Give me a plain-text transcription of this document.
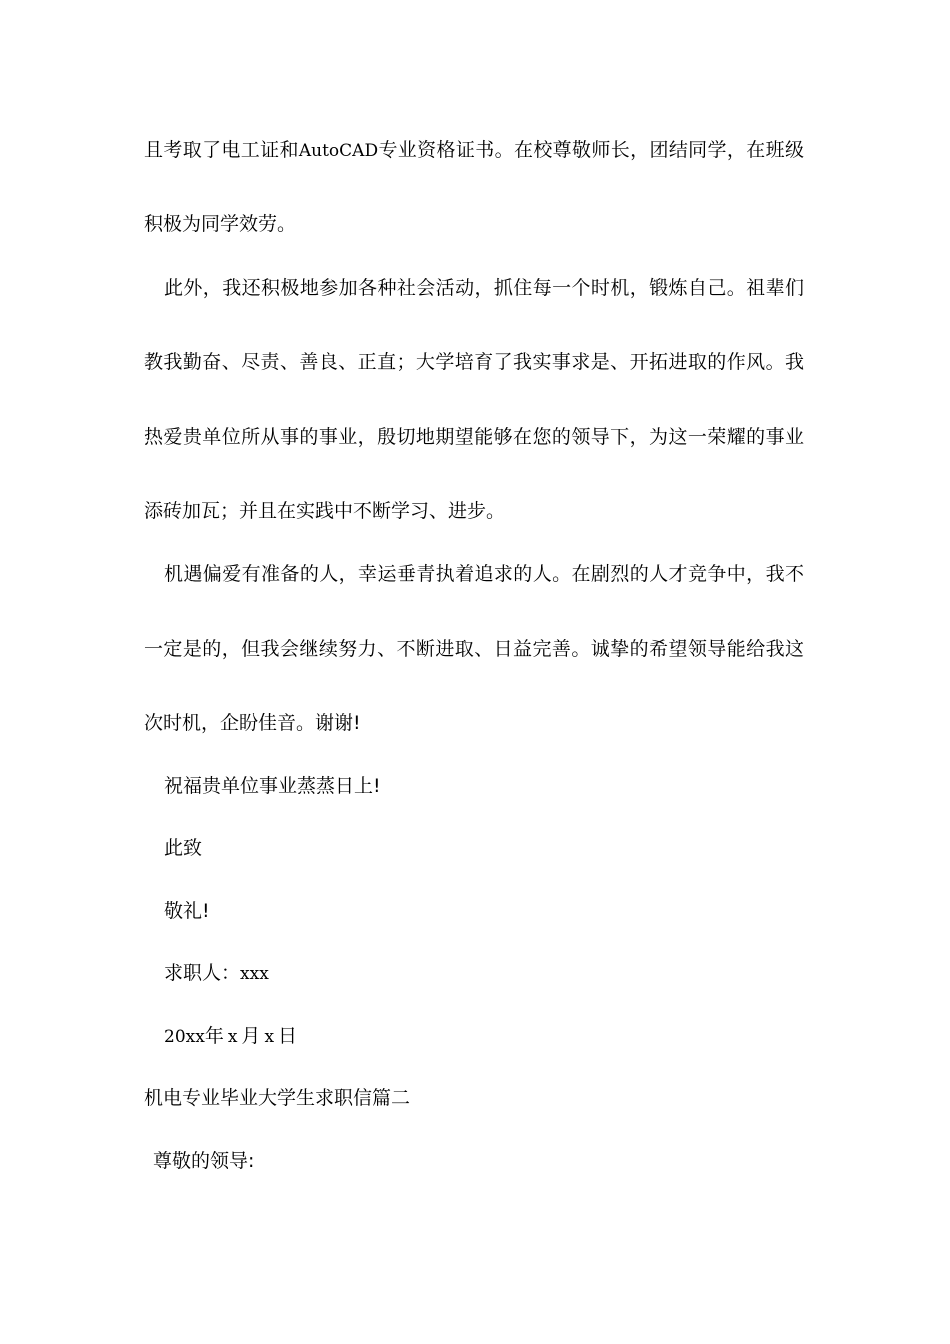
且考取了电工证和AutoCAD专业资格证书。在校尊敬师长，团结同学，在班级
积极为同学效劳。
此外，我还积极地参加各种社会活动，抓住每一个时机，锻炼自己。祖辈们
教我勤奋、尽责、善良、正直；大学培育了我实事求是、开拓进取的作风。我
热爱贵单位所从事的事业，殷切地期望能够在您的领导下，为这一荣耀的事业
添砖加瓦；并且在实践中不断学习、进步。
机遇偏爱有准备的人，幸运垂青执着追求的人。在剧烈的人才竞争中，我不
一定是的，但我会继续努力、不断进取、日益完善。诚挚的希望领导能给我这
次时机，企盼佳音。谢谢!
祝福贵单位事业蒸蒸日上!
此致
敬礼!
求职人：xxx
20xx年 x 月 x 日
机电专业毕业大学生求职信篇二
尊敬的领导:
